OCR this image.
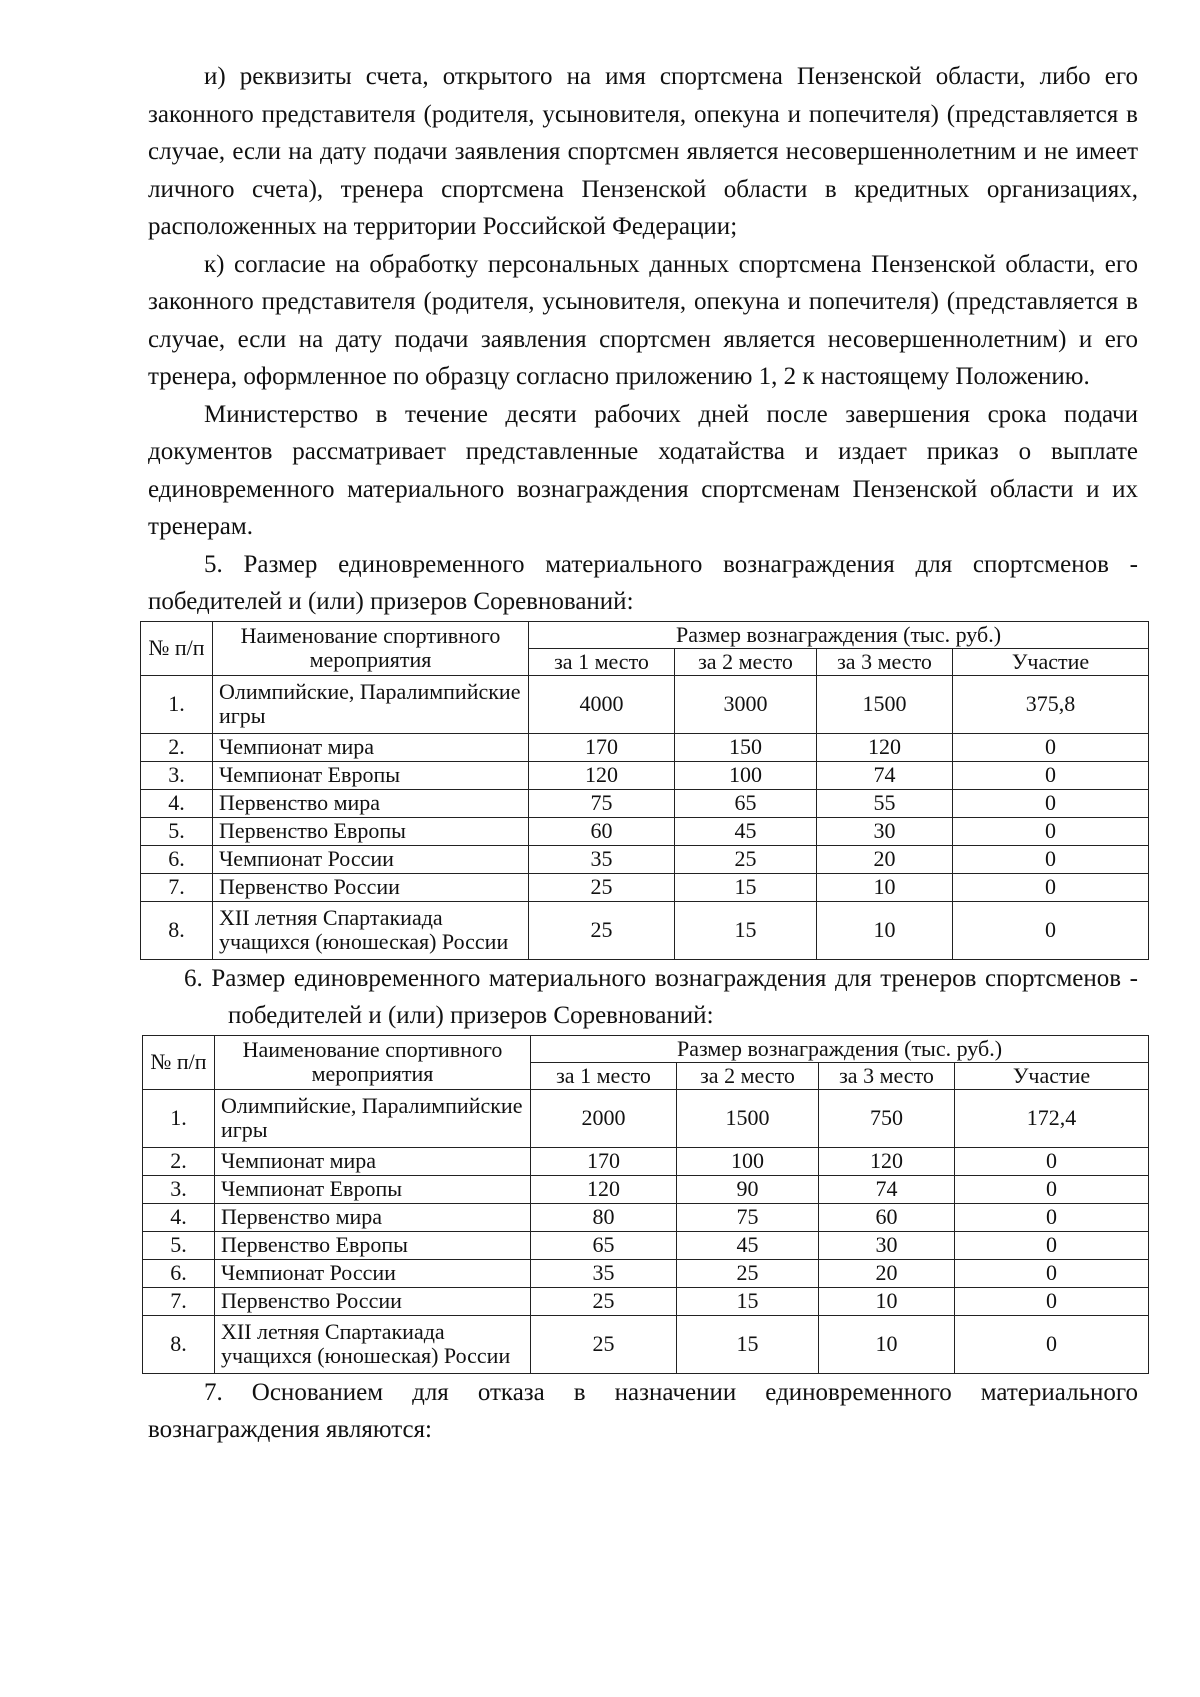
и) реквизиты счета, открытого на имя спортсмена Пензенской области, либо его законного представителя (родителя, усыновителя, опекуна и попечителя) (представляется в случае, если на дату подачи заявления спортсмен является несовершеннолетним и не имеет личного счета), тренера спортсмена Пензенской области в кредитных организациях, расположенных на территории Российской Федерации;

к) согласие на обработку персональных данных спортсмена Пензенской области, его законного представителя (родителя, усыновителя, опекуна и попечителя) (представляется в случае, если на дату подачи заявления спортсмен является несовершеннолетним) и его тренера, оформленное по образцу согласно приложению 1, 2 к настоящему Положению.

Министерство в течение десяти рабочих дней после завершения срока подачи документов рассматривает представленные ходатайства и издает приказ о выплате единовременного материального вознаграждения спортсменам Пензенской области и их тренерам.

5. Размер единовременного материального вознаграждения для спортсменов - победителей и (или) призеров Соревнований:

№ п/п	Наименование спортивного мероприятия	Размер вознаграждения (тыс. руб.)			
		за 1 место	за 2 место	за 3 место	Участие
1.	Олимпийские, Паралимпийские игры	4000	3000	1500	375,8
2.	Чемпионат мира	170	150	120	0
3.	Чемпионат Европы	120	100	74	0
4.	Первенство мира	75	65	55	0
5.	Первенство Европы	60	45	30	0
6.	Чемпионат России	35	25	20	0
7.	Первенство России	25	15	10	0
8.	XII летняя Спартакиада учащихся (юношеская) России	25	15	10	0

6. Размер единовременного материального вознаграждения для тренеров спортсменов - победителей и (или) призеров Соревнований:

№ п/п	Наименование спортивного мероприятия	Размер вознаграждения (тыс. руб.)			
		за 1 место	за 2 место	за 3 место	Участие
1.	Олимпийские, Паралимпийские игры	2000	1500	750	172,4
2.	Чемпионат мира	170	100	120	0
3.	Чемпионат Европы	120	90	74	0
4.	Первенство мира	80	75	60	0
5.	Первенство Европы	65	45	30	0
6.	Чемпионат России	35	25	20	0
7.	Первенство России	25	15	10	0
8.	XII летняя Спартакиада учащихся (юношеская) России	25	15	10	0

7. Основанием для отказа в назначении единовременного материального вознаграждения являются:
